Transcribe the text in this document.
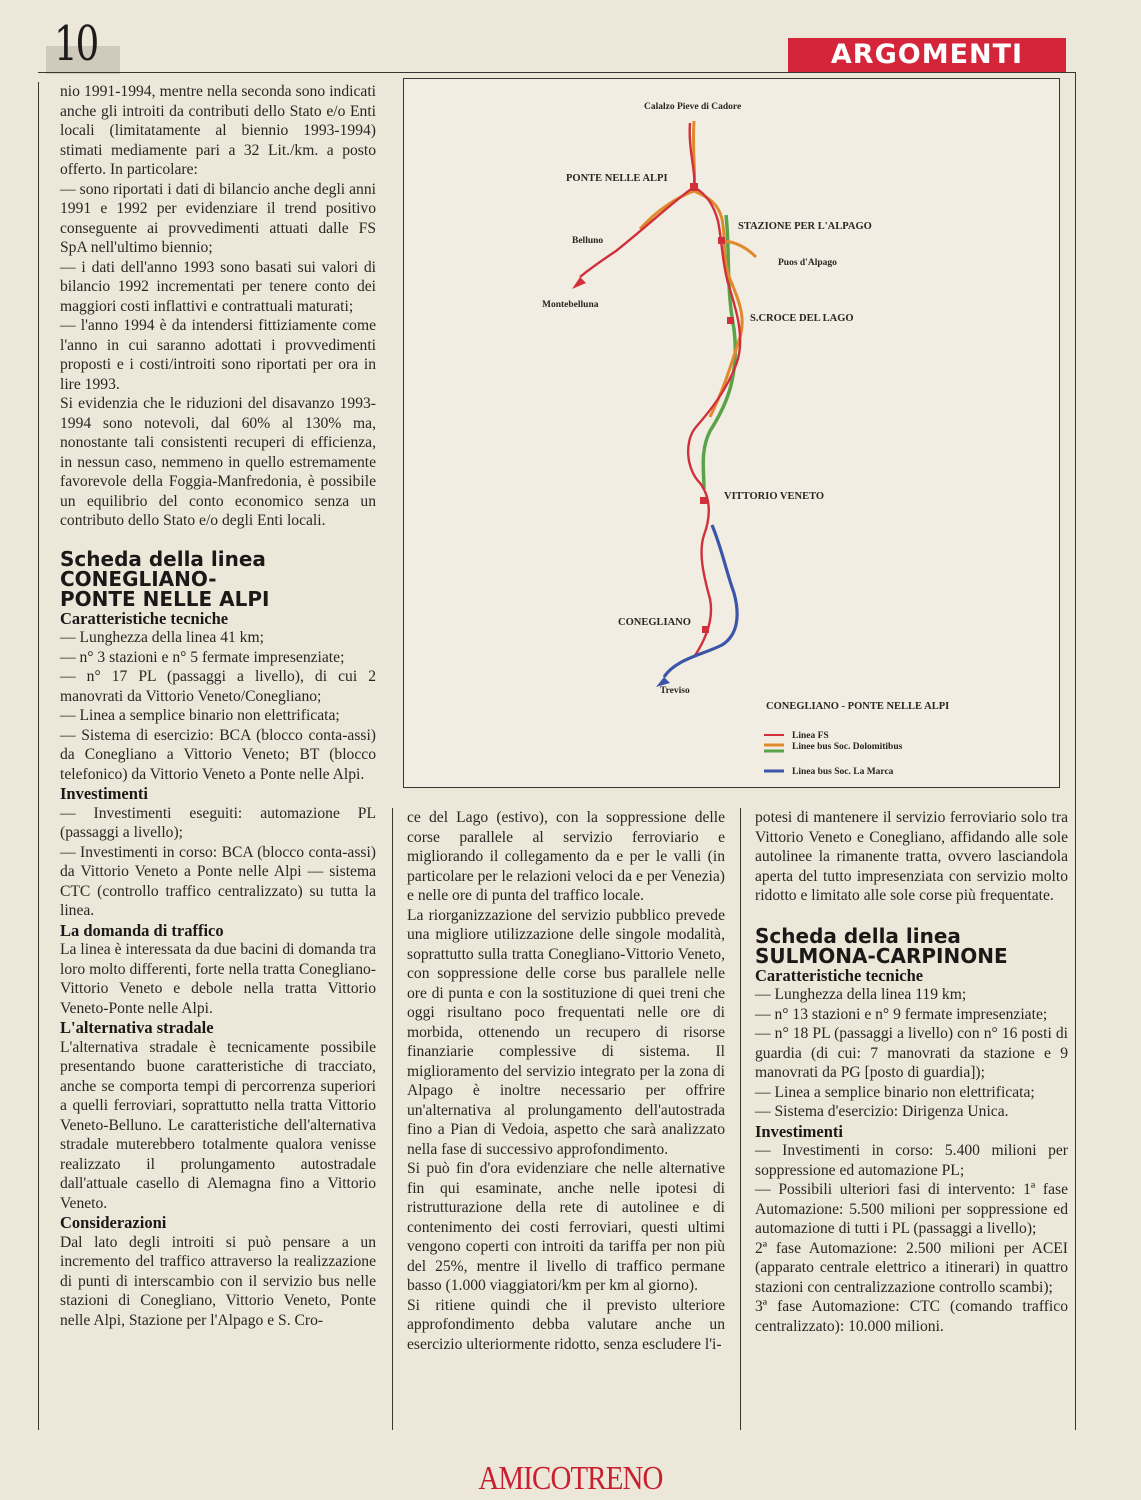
10	ARGOMENTI

nio 1991-1994, mentre nella seconda sono indicati anche gli introiti da contributi dello Stato e/o Enti locali (limitatamente al biennio 1993-1994) stimati mediamente pari a 32 Lit./km. a posto offerto. In particolare:

— sono riportati i dati di bilancio anche degli anni 1991 e 1992 per evidenziare il trend positivo conseguente ai provvedimenti attuati dalle FS SpA nell'ultimo biennio;

— i dati dell'anno 1993 sono basati sui valori di bilancio 1992 incrementati per tenere conto dei maggiori costi inflattivi e contrattuali maturati;

— l'anno 1994 è da intendersi fittiziamente come l'anno in cui saranno adottati i provvedimenti proposti e i costi/introiti sono riportati per ora in lire 1993.

Si evidenzia che le riduzioni del disavanzo 1993-1994 sono notevoli, dal 60% al 130% ma, nonostante tali consistenti recuperi di efficienza, in nessun caso, nemmeno in quello estremamente favorevole della Foggia-Manfredonia, è possibile un equilibrio del conto economico senza un contributo dello Stato e/o degli Enti locali.

Scheda della linea
CONEGLIANO-
PONTE NELLE ALPI
Caratteristiche tecniche

— Lunghezza della linea 41 km;

— n° 3 stazioni e n° 5 fermate impresenziate;

— n° 17 PL (passaggi a livello), di cui 2 manovrati da Vittorio Veneto/Conegliano;

— Linea a semplice binario non elettrificata;

— Sistema di esercizio: BCA (blocco conta-assi) da Conegliano a Vittorio Veneto; BT (blocco telefonico) da Vittorio Veneto a Ponte nelle Alpi.

Investimenti

— Investimenti eseguiti: automazione PL (passaggi a livello);

— Investimenti in corso: BCA (blocco conta-assi) da Vittorio Veneto a Ponte nelle Alpi — sistema CTC (controllo traffico centralizzato) su tutta la linea.

La domanda di traffico

La linea è interessata da due bacini di domanda tra loro molto differenti, forte nella tratta Conegliano-Vittorio Veneto e debole nella tratta Vittorio Veneto-Ponte nelle Alpi.

L'alternativa stradale

L'alternativa stradale è tecnicamente possibile presentando buone caratteristiche di tracciato, anche se comporta tempi di percorrenza superiori a quelli ferroviari, soprattutto nella tratta Vittorio Veneto-Belluno. Le caratteristiche dell'alternativa stradale muterebbero totalmente qualora venisse realizzato il prolungamento autostradale dall'attuale casello di Alemagna fino a Vittorio Veneto.

Considerazioni

Dal lato degli introiti si può pensare a un incremento del traffico attraverso la realizzazione di punti di interscambio con il servizio bus nelle stazioni di Conegliano, Vittorio Veneto, Ponte nelle Alpi, Stazione per l'Alpago e S. Cro-

Calalzo Pieve di Cadore
PONTE NELLE ALPI
Belluno
STAZIONE PER L'ALPAGO
Puos d'Alpago
Montebelluna
S.CROCE DEL LAGO
VITTORIO VENETO
CONEGLIANO
Treviso
CONEGLIANO - PONTE NELLE ALPI
Linea FS
Linee bus Soc. Dolomitibus
Linea bus Soc. La Marca

ce del Lago (estivo), con la soppressione delle corse parallele al servizio ferroviario e migliorando il collegamento da e per le valli (in particolare per le relazioni veloci da e per Venezia) e nelle ore di punta del traffico locale.

La riorganizzazione del servizio pubblico prevede una migliore utilizzazione delle singole modalità, soprattutto sulla tratta Conegliano-Vittorio Veneto, con soppressione delle corse bus parallele nelle ore di punta e con la sostituzione di quei treni che oggi risultano poco frequentati nelle ore di morbida, ottenendo un recupero di risorse finanziarie complessive di sistema. Il miglioramento del servizio integrato per la zona di Alpago è inoltre necessario per offrire un'alternativa al prolungamento dell'autostrada fino a Pian di Vedoia, aspetto che sarà analizzato nella fase di successivo approfondimento.

Si può fin d'ora evidenziare che nelle alternative fin qui esaminate, anche nelle ipotesi di ristrutturazione della rete di autolinee e di contenimento dei costi ferroviari, questi ultimi vengono coperti con introiti da tariffa per non più del 25%, mentre il livello di traffico permane basso (1.000 viaggiatori/km per km al giorno).

Si ritiene quindi che il previsto ulteriore approfondimento debba valutare anche un esercizio ulteriormente ridotto, senza escludere l'i-

potesi di mantenere il servizio ferroviario solo tra Vittorio Veneto e Conegliano, affidando alle sole autolinee la rimanente tratta, ovvero lasciandola aperta del tutto impresenziata con servizio molto ridotto e limitato alle sole corse più frequentate.

Scheda della linea
SULMONA-CARPINONE
Caratteristiche tecniche

— Lunghezza della linea 119 km;

— n° 13 stazioni e n° 9 fermate impresenziate;

— n° 18 PL (passaggi a livello) con n° 16 posti di guardia (di cui: 7 manovrati da stazione e 9 manovrati da PG [posto di guardia]);

— Linea a semplice binario non elettrificata;

— Sistema d'esercizio: Dirigenza Unica.

Investimenti

— Investimenti in corso: 5.400 milioni per soppressione ed automazione PL;

— Possibili ulteriori fasi di intervento: 1ª fase Automazione: 5.500 milioni per soppressione ed automazione di tutti i PL (passaggi a livello);

2ª fase Automazione: 2.500 milioni per ACEI (apparato centrale elettrico a itinerari) in quattro stazioni con centralizzazione controllo scambi);

3ª fase Automazione: CTC (comando traffico centralizzato): 10.000 milioni.

AMICOTRENO
